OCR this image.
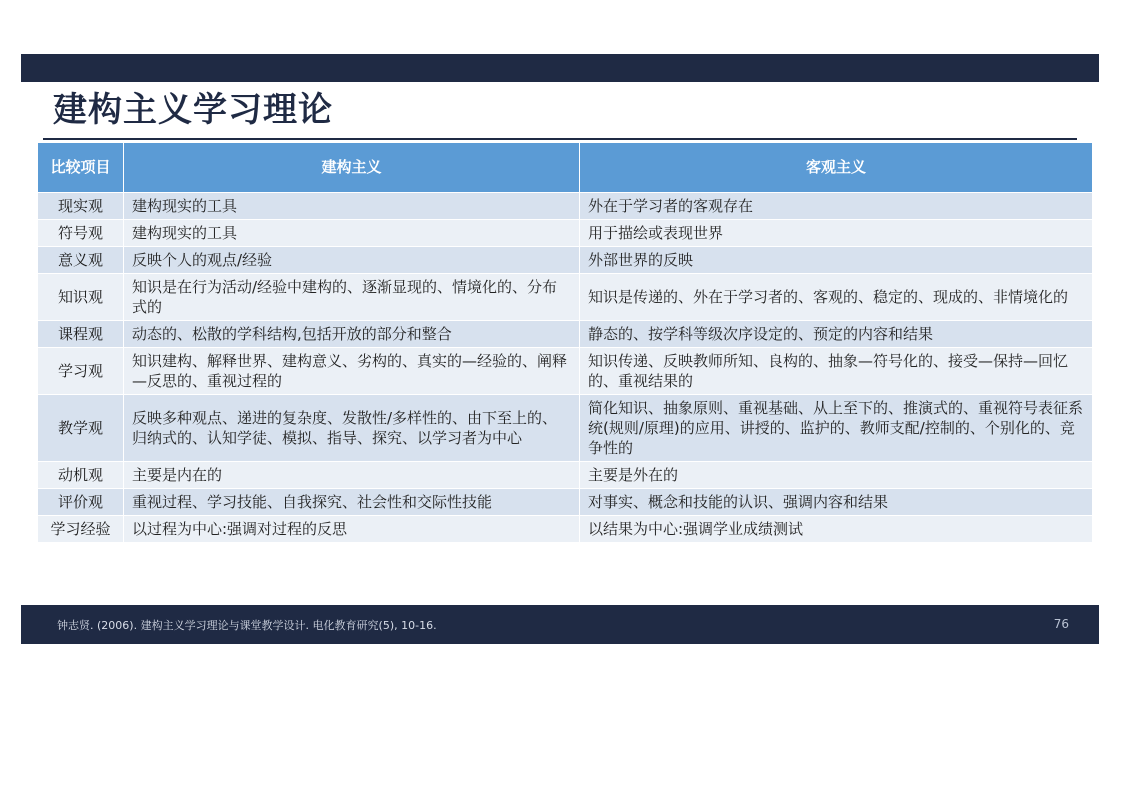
建构主义学习理论
比较项目	建构主义	客观主义
现实观	建构现实的工具	外在于学习者的客观存在
符号观	建构现实的工具	用于描绘或表现世界
意义观	反映个人的观点/经验	外部世界的反映
知识观	知识是在行为活动/经验中建构的、逐渐显现的、情境化的、分布式的	知识是传递的、外在于学习者的、客观的、稳定的、现成的、非情境化的
课程观	动态的、松散的学科结构,包括开放的部分和整合	静态的、按学科等级次序设定的、预定的内容和结果
学习观	知识建构、解释世界、建构意义、劣构的、真实的—经验的、阐释—反思的、重视过程的	知识传递、反映教师所知、良构的、抽象—符号化的、接受—保持—回忆的、重视结果的
教学观	反映多种观点、递进的复杂度、发散性/多样性的、由下至上的、归纳式的、认知学徒、模拟、指导、探究、以学习者为中心	简化知识、抽象原则、重视基础、从上至下的、推演式的、重视符号表征系统(规则/原理)的应用、讲授的、监护的、教师支配/控制的、个别化的、竞争性的
动机观	主要是内在的	主要是外在的
评价观	重视过程、学习技能、自我探究、社会性和交际性技能	对事实、概念和技能的认识、强调内容和结果
学习经验	以过程为中心:强调对过程的反思	以结果为中心:强调学业成绩测试
钟志贤. (2006). 建构主义学习理论与课堂教学设计. 电化教育研究(5), 10-16.	76
